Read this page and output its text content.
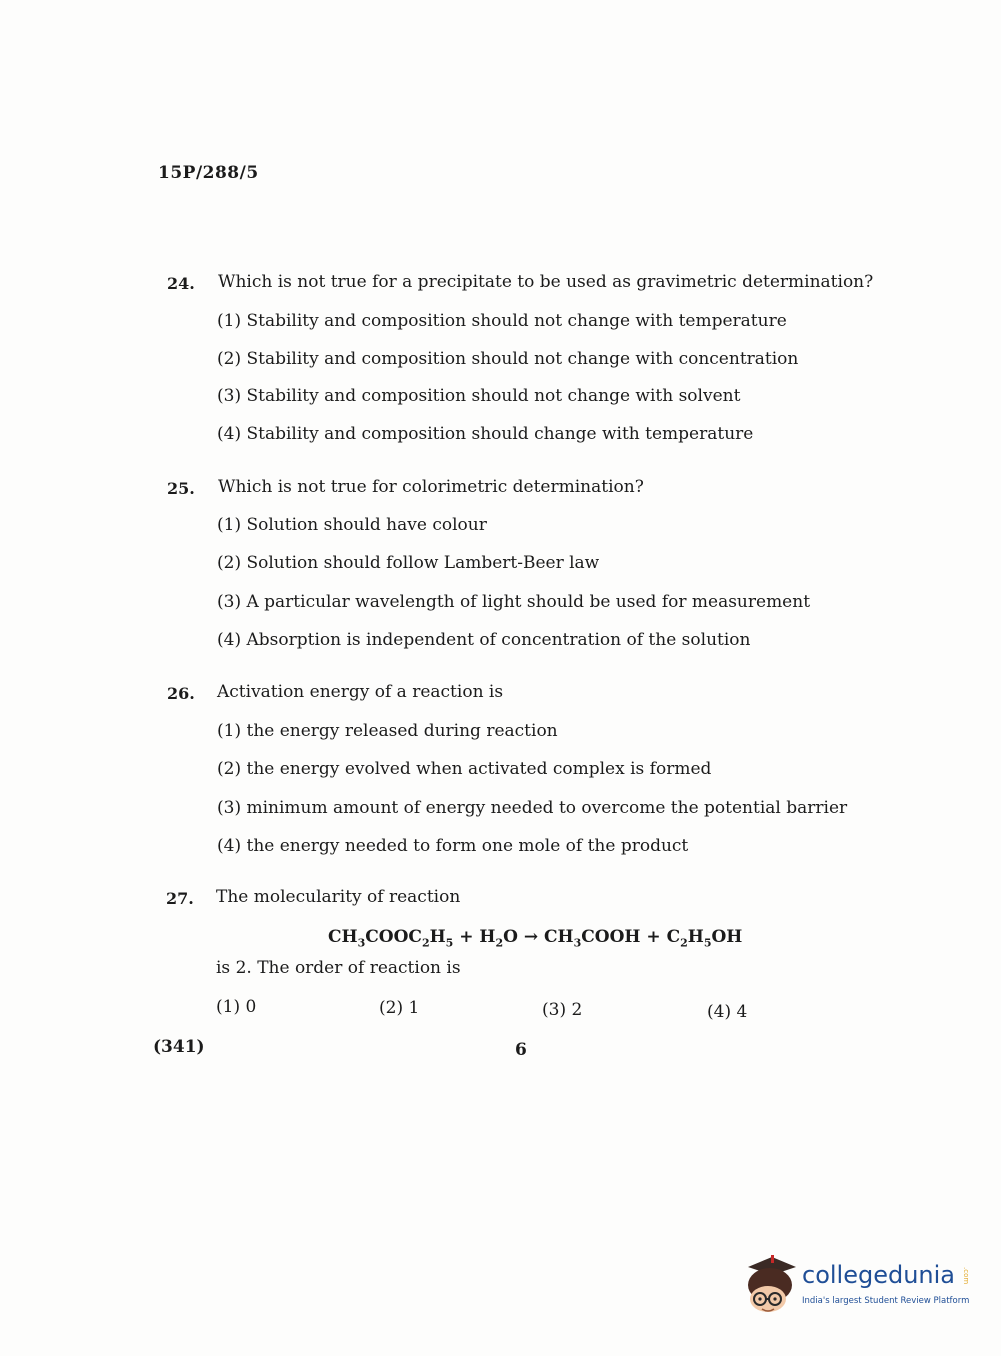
15P/288/5
24. Which is not true for a precipitate to be used as gravimetric determination?
(1) Stability and composition should not change with temperature
(2) Stability and composition should not change with concentration
(3) Stability and composition should not change with solvent
(4) Stability and composition should change with temperature
25. Which is not true for colorimetric determination?
(1) Solution should have colour
(2) Solution should follow Lambert-Beer law
(3) A particular wavelength of light should be used for measurement
(4) Absorption is independent of concentration of the solution
26. Activation energy of a reaction is
(1) the energy released during reaction
(2) the energy evolved when activated complex is formed
(3) minimum amount of energy needed to overcome the potential barrier
(4) the energy needed to form one mole of the product
27. The molecularity of reaction
$CH_3COOC_2H_5 + H_2O$ → $CH_3COOH + C_2H_5OH$
is 2. The order of reaction is
(1) 0	(2) 1	(3) 2	(4) 4
(341)	6
collegedunia .com
India's largest Student Review Platform
